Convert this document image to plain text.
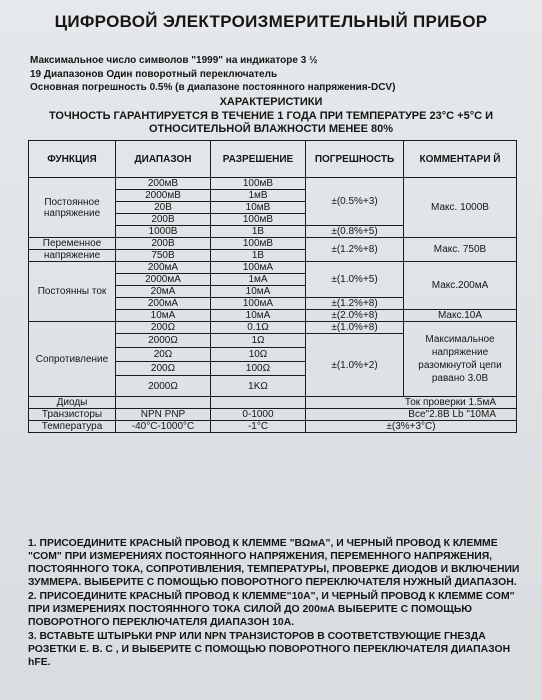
ЦИФРОВОЙ ЭЛЕКТРОИЗМЕРИТЕЛЬНЫЙ ПРИБОР
Максимальное число символов "1999" на индикаторе 3 ½
19 Диапазонов Один поворотный переключатель
Основная погрешность 0.5% (в диапазоне постоянного напряжения-DCV)
ХАРАКТЕРИСТИКИ
ТОЧНОСТЬ ГАРАНТИРУЕТСЯ В ТЕЧЕНИЕ 1 ГОДА ПРИ ТЕМПЕРАТУРЕ 23°C +5°C И
ОТНОСИТЕЛЬНОЙ ВЛАЖНОСТИ МЕНЕЕ 80%
ФУНКЦИЯ	ДИАПАЗОН	РАЗРЕШЕНИЕ	ПОГРЕШНОСТЬ	КОММЕНТАРИ Й
Постоянное напряжение	200мВ	100мВ	±(0.5%+3)	Макс. 1000В
	2000мВ	1мВ		
	20В	10мВ		
	200В	100мВ		
	1000В	1В	±(0.8%+5)	
Переменное	200В	100мВ	±(1.2%+8)	Макс. 750В
напряжение	750В	1В		
Постоянны ток	200мА	100мА	±(1.0%+5)	Макс.200мА
	2000мА	1мА		
	20мА	10мА		
	200мА	100мА	±(1.2%+8)	
	10мА	10мА	±(2.0%+8)	Макс.10А
Сопротивление	200Ω	0.1Ω	±(1.0%+8)	Максимальное напряжение разомкнутой цепи равано 3.0В
	2000Ω	1Ω	±(1.0%+2)	
	20Ω	10Ω		
	200Ω	100Ω		
	2000Ω	1KΩ		
Диоды			Ток проверки 1.5мА	
Транзисторы	NPN PNP	0-1000	Bce"2.8В Lb "10МА	
Температура	-40°C-1000°C	-1°C	±(3%+3°C)	

1. ПРИСОЕДИНИТЕ КРАСНЫЙ ПРОВОД К КЛЕММЕ "ВΩмА", И ЧЕРНЫЙ ПРОВОД К КЛЕММЕ "СОМ" ПРИ ИЗМЕРЕНИЯХ ПОСТОЯННОГО НАПРЯЖЕНИЯ, ПЕРЕМЕННОГО НАПРЯЖЕНИЯ, ПОСТОЯННОГО ТОКА, СОПРОТИВЛЕНИЯ, ТЕМПЕРАТУРЫ, ПРОВЕРКЕ ДИОДОВ И ВКЛЮЧЕНИИ ЗУММЕРА. ВЫБЕРИТЕ С ПОМОЩЬЮ ПОВОРОТНОГО ПЕРЕКЛЮЧАТЕЛЯ НУЖНЫЙ ДИАПАЗОН.

2. ПРИСОЕДИНИТЕ КРАСНЫЙ ПРОВОД К КЛЕММЕ"10А", И ЧЕРНЫЙ ПРОВОД К КЛЕММЕ СОМ" ПРИ ИЗМЕРЕНИЯХ ПОСТОЯННОГО ТОКА СИЛОЙ ДО 200мА ВЫБЕРИТЕ С ПОМОЩЬЮ ПОВОРОТНОГО ПЕРЕКЛЮЧАТЕЛЯ ДИАПАЗОН 10А.

3. ВСТАВЬТЕ ШТЫРЬКИ PNP ИЛИ NPN ТРАНЗИСТОРОВ В СООТВЕТСТВУЮЩИЕ ГНЕЗДА РОЗЕТКИ Е. В. С , И ВЫБЕРИТЕ С ПОМОЩЬЮ ПОВОРОТНОГО ПЕРЕКЛЮЧАТЕЛЯ ДИАПАЗОН hFE.
